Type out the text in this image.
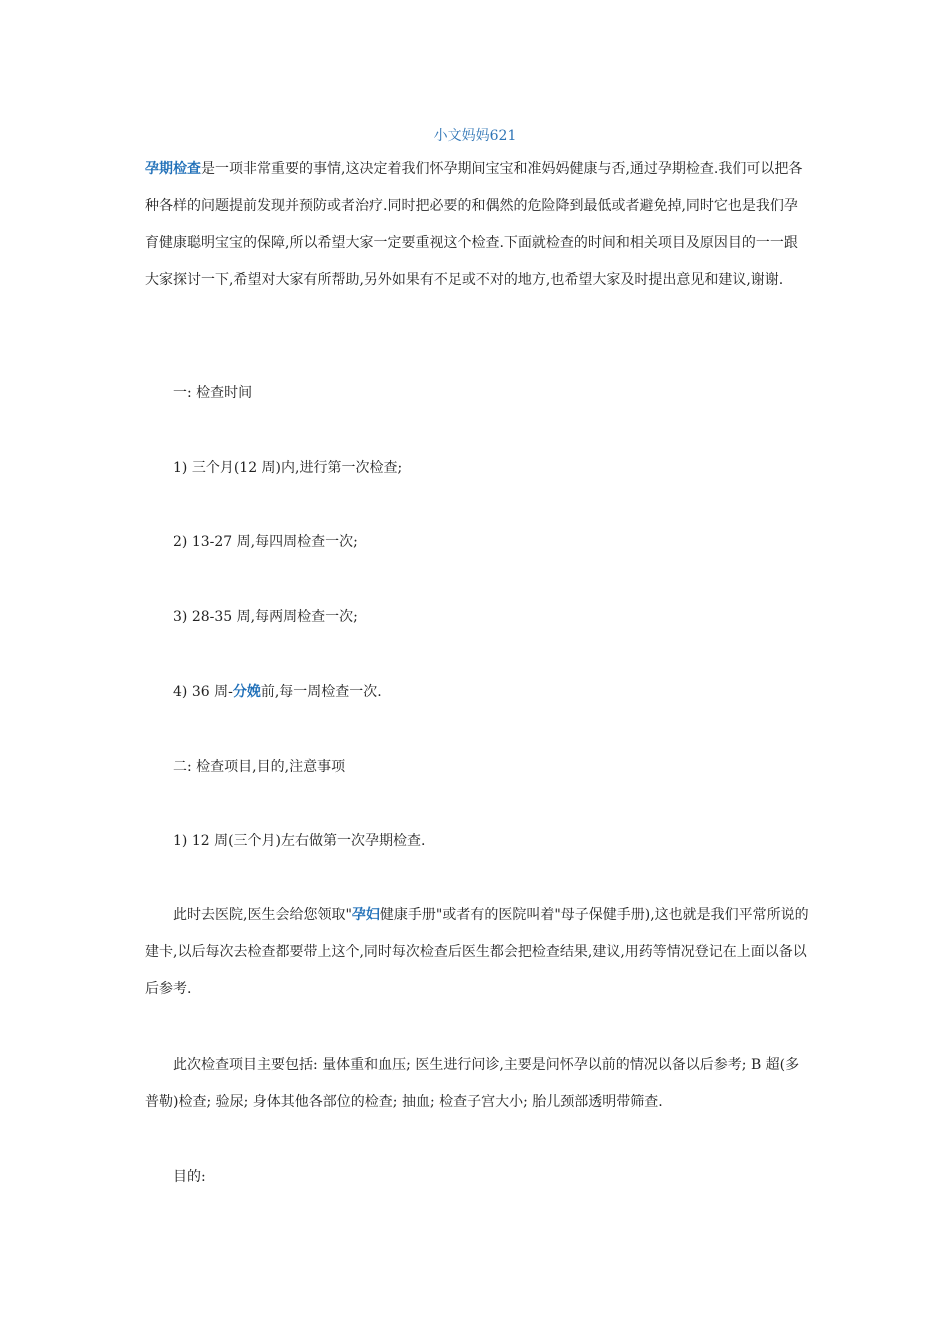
小文妈妈621

孕期检查是一项非常重要的事情,这决定着我们怀孕期间宝宝和准妈妈健康与否,通过孕期检查.我们可以把各种各样的问题提前发现并预防或者治疗.同时把必要的和偶然的危险降到最低或者避免掉,同时它也是我们孕育健康聪明宝宝的保障,所以希望大家一定要重视这个检查.下面就检查的时间和相关项目及原因目的一一跟大家探讨一下,希望对大家有所帮助,另外如果有不足或不对的地方,也希望大家及时提出意见和建议,谢谢.

一: 检查时间

1) 三个月(12 周)内,进行第一次检查;

2) 13-27 周,每四周检查一次;

3) 28-35 周,每两周检查一次;

4) 36 周-分娩前,每一周检查一次.

二: 检查项目,目的,注意事项

1) 12 周(三个月)左右做第一次孕期检查.

此时去医院,医生会给您领取"孕妇健康手册"或者有的医院叫着"母子保健手册),这也就是我们平常所说的建卡,以后每次去检查都要带上这个,同时每次检查后医生都会把检查结果,建议,用药等情况登记在上面以备以后参考.

此次检查项目主要包括: 量体重和血压; 医生进行问诊,主要是问怀孕以前的情况以备以后参考; B 超(多普勒)检查; 验尿; 身体其他各部位的检查; 抽血; 检查子宫大小; 胎儿颈部透明带筛查.

目的:
